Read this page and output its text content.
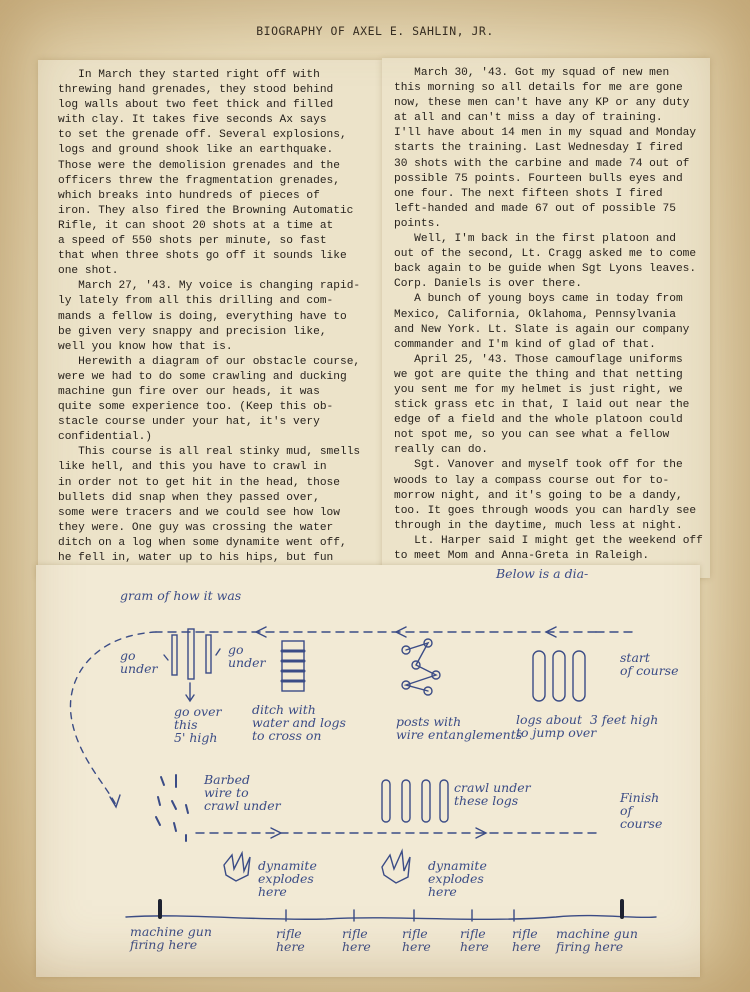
BIOGRAPHY OF AXEL E. SAHLIN, JR.
In March they started right off with
threwing hand grenades, they stood behind
log walls about two feet thick and filled
with clay. It takes five seconds Ax says
to set the grenade off. Several explosions,
logs and ground shook like an earthquake.
Those were the demolision grenades and the
officers threw the fragmentation grenades,
which breaks into hundreds of pieces of
iron. They also fired the Browning Automatic
Rifle, it can shoot 20 shots at a time at
a speed of 550 shots per minute, so fast
that when three shots go off it sounds like
one shot.
March 27, '43. My voice is changing rapid-
ly lately from all this drilling and com-
mands a fellow is doing, everything have to
be given very snappy and precision like,
well you know how that is.
Herewith a diagram of our obstacle course,
were we had to do some crawling and ducking
machine gun fire over our heads, it was
quite some experience too. (Keep this ob-
stacle course under your hat, it's very
confidential.)
This course is all real stinky mud, smells
like hell, and this you have to crawl in
in order not to get hit in the head, those
bullets did snap when they passed over,
some were tracers and we could see how low
they were. One guy was crossing the water
ditch on a log when some dynamite went off,
he fell in, water up to his hips, but fun

March 30, '43. Got my squad of new men
this morning so all details for me are gone
now, these men can't have any KP or any duty
at all and can't miss a day of training.
I'll have about 14 men in my squad and Monday
starts the training. Last Wednesday I fired
30 shots with the carbine and made 74 out of
possible 75 points. Fourteen bulls eyes and
one four. The next fifteen shots I fired
left-handed and made 67 out of possible 75
points.
Well, I'm back in the first platoon and
out of the second, Lt. Cragg asked me to come
back again to be guide when Sgt Lyons leaves.
Corp. Daniels is over there.
A bunch of young boys came in today from
Mexico, California, Oklahoma, Pennsylvania
and New York. Lt. Slate is again our company
commander and I'm kind of glad of that.
April 25, '43. Those camouflage uniforms
we got are quite the thing and that netting
you sent me for my helmet is just right, we
stick grass etc in that, I laid out near the
edge of a field and the whole platoon could
not spot me, so you can see what a fellow
really can do.
Sgt. Vanover and myself took off for the
woods to lay a compass course out for to-
morrow night, and it's going to be a dandy,
too. It goes through woods you can hardly see
through in the daytime, much less at night.
Lt. Harper said I might get the weekend off
to meet Mom and Anna-Greta in Raleigh.
Below is a dia-
gram of how it was
go
under
go
under
go over
this
5' high
ditch with
water and logs
to cross on
posts with
wire entanglements
logs about  3 feet high
to jump over
start
of course
Barbed
wire to
crawl under
crawl under
these logs	Finish
of
course
dynamite
explodes
here
dynamite
explodes
here
machine gun
firing here
rifle
here
rifle
here
rifle
here
rifle
here
rifle
here
machine gun
firing here
